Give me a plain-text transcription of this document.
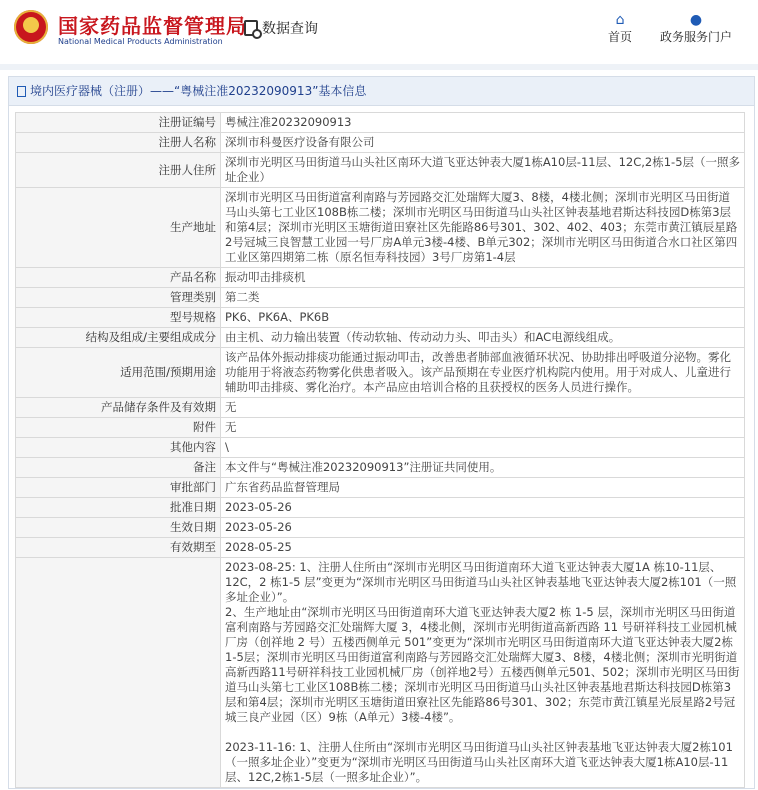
国家药品监督管理局
National Medical Products Administration
数据查询
⌂
首页
●
政务服务门户
境内医疗器械（注册）——“粤械注准20232090913”基本信息
注册证编号	粤械注准20232090913
注册人名称	深圳市科曼医疗设备有限公司
注册人住所	深圳市光明区马田街道马山头社区南环大道飞亚达钟表大厦1栋A10层-11层、12C,2栋1-5层（一照多址企业）
生产地址	深圳市光明区马田街道富利南路与芳园路交汇处瑞辉大厦3、8楼，4楼北侧；深圳市光明区马田街道马山头第七工业区108B栋二楼；深圳市光明区马田街道马山头社区钟表基地君斯达科技园D栋第3层和第4层；深圳市光明区玉塘街道田寮社区先能路86号301、302、402、403；东莞市黄江镇辰星路2号冠城三良智慧工业园一号厂房A单元3楼-4楼、B单元302；深圳市光明区马田街道合水口社区第四工业区第四期第二栋（原名恒寿科技园）3号厂房第1-4层
产品名称	振动叩击排痰机
管理类别	第二类
型号规格	PK6、PK6A、PK6B
结构及组成/主要组成成分	由主机、动力输出装置（传动软轴、传动动力头、叩击头）和AC电源线组成。
适用范围/预期用途	该产品体外振动排痰功能通过振动叩击，改善患者肺部血液循环状况、协助排出呼吸道分泌物。雾化功能用于将液态药物雾化供患者吸入。该产品预期在专业医疗机构院内使用。用于对成人、儿童进行辅助叩击排痰、雾化治疗。本产品应由培训合格的且获授权的医务人员进行操作。
产品储存条件及有效期	无
附件	无
其他内容	\
备注	本文件与“粤械注准20232090913”注册证共同使用。
审批部门	广东省药品监督管理局
批准日期	2023-05-26
生效日期	2023-05-26
有效期至	2028-05-25
	2023-08-25: 1、注册人住所由“深圳市光明区马田街道南环大道飞亚达钟表大厦1A 栋10-11层、12C，2 栋1-5 层”变更为“深圳市光明区马田街道马山头社区钟表基地飞亚达钟表大厦2栋101（一照多址企业）”。
2、生产地址由“深圳市光明区马田街道南环大道飞亚达钟表大厦2 栋 1-5 层，深圳市光明区马田街道富利南路与芳园路交汇处瑞辉大厦 3，4楼北侧，深圳市光明街道高新西路 11 号研祥科技工业园机械厂房（创祥地 2 号）五楼西侧单元 501”变更为“深圳市光明区马田街道南环大道飞亚达钟表大厦2栋1-5层；深圳市光明区马田街道富利南路与芳园路交汇处瑞辉大厦3、8楼，4楼北侧；深圳市光明街道高新西路11号研祥科技工业园机械厂房（创祥地2号）五楼西侧单元501、502；深圳市光明区马田街道马山头第七工业区108B栋二楼；深圳市光明区马田街道马山头社区钟表基地君斯达科技园D栋第3层和第4层；深圳市光明区玉塘街道田寮社区先能路86号301、302；东莞市黄江镇星光辰星路2号冠城三良产业园（区）9栋（A单元）3楼-4楼”。

2023-11-16: 1、注册人住所由“深圳市光明区马田街道马山头社区钟表基地飞亚达钟表大厦2栋101（一照多址企业）”变更为“深圳市光明区马田街道马山头社区南环大道飞亚达钟表大厦1栋A10层-11层、12C,2栋1-5层（一照多址企业）”。
